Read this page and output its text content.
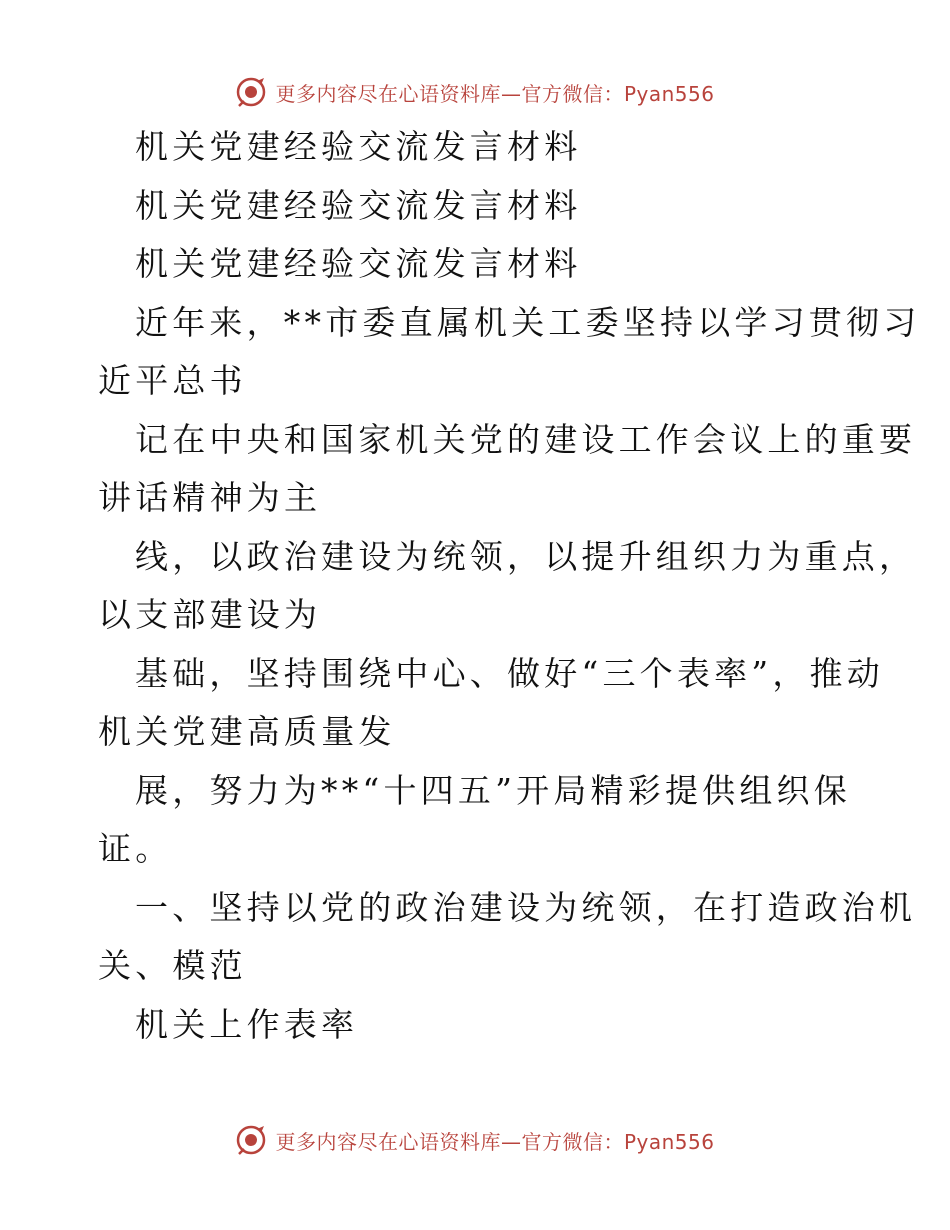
更多内容尽在心语资料库—官方微信：Pyan556
机关党建经验交流发言材料
机关党建经验交流发言材料
机关党建经验交流发言材料
近年来，**市委直属机关工委坚持以学习贯彻习
近平总书
记在中央和国家机关党的建设工作会议上的重要
讲话精神为主
线，以政治建设为统领，以提升组织力为重点，
以支部建设为
基础，坚持围绕中心、做好“三个表率”，推动
机关党建高质量发
展，努力为**“十四五”开局精彩提供组织保
证。
一、坚持以党的政治建设为统领，在打造政治机
关、模范
机关上作表率
更多内容尽在心语资料库—官方微信：Pyan556
